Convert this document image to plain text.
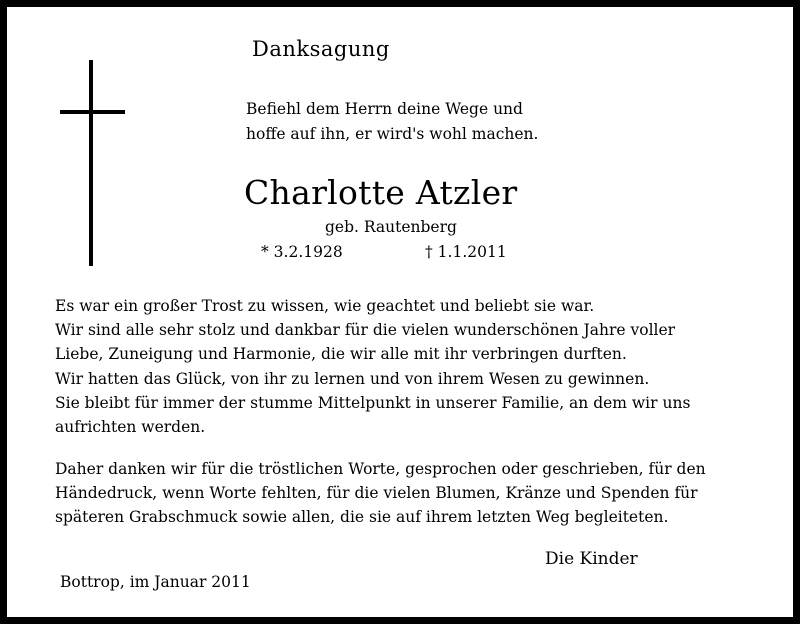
Danksagung
Befiehl dem Herrn deine Wege und
hoffe auf ihn, er wird's wohl machen.
Charlotte Atzler
geb. Rautenberg
* 3.2.1928	† 1.1.2011
Es war ein großer Trost zu wissen, wie geachtet und beliebt sie war.
Wir sind alle sehr stolz und dankbar für die vielen wunderschönen Jahre voller
Liebe, Zuneigung und Harmonie, die wir alle mit ihr verbringen durften.
Wir hatten das Glück, von ihr zu lernen und von ihrem Wesen zu gewinnen.
Sie bleibt für immer der stumme Mittelpunkt in unserer Familie, an dem wir uns
aufrichten werden.
Daher danken wir für die tröstlichen Worte, gesprochen oder geschrieben, für den
Händedruck, wenn Worte fehlten, für die vielen Blumen, Kränze und Spenden für
späteren Grabschmuck sowie allen, die sie auf ihrem letzten Weg begleiteten.
Die Kinder
Bottrop, im Januar 2011
